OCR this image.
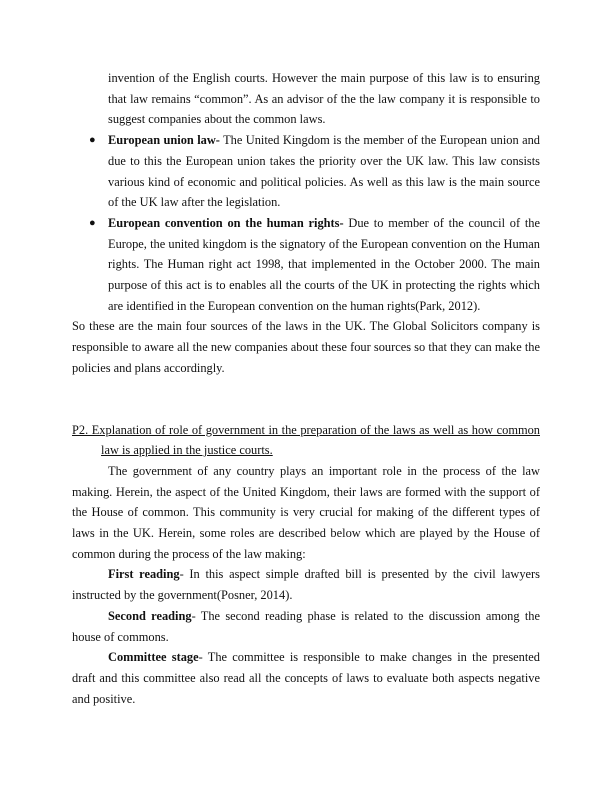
invention of the English courts. However the main purpose of this law is to ensuring that law remains “common”. As an advisor of the the law company it is responsible to suggest companies about the common laws.

● European union law- The United Kingdom is the member of the European union and due to this the European union takes the priority over the UK law. This law consists various kind of economic and political policies. As well as this law is the main source of the UK law after the legislation.
● European convention on the human rights- Due to member of the council of the Europe, the united kingdom is the signatory of the European convention on the Human rights. The Human right act 1998, that implemented in the October 2000. The main purpose of this act is to enables all the courts of the UK in protecting the rights which are identified in the European convention on the human rights(Park, 2012).

So these are the main four sources of the laws in the UK. The Global Solicitors company is responsible to aware all the new companies about these four sources so that they can make the policies and plans accordingly.

P2. Explanation of role of government in the preparation of the laws as well as how common law is applied in the justice courts.

The government of any country plays an important role in the process of the law making. Herein, the aspect of the United Kingdom, their laws are formed with the support of the House of common. This community is very crucial for making of the different types of laws in the UK. Herein, some roles are described below which are played by the House of common during the process of the law making:

First reading- In this aspect simple drafted bill is presented by the civil lawyers instructed by the government(Posner, 2014).

Second reading- The second reading phase is related to the discussion among the house of commons.

Committee stage- The committee is responsible to make changes in the presented draft and this committee also read all the concepts of laws to evaluate both aspects negative and positive.
